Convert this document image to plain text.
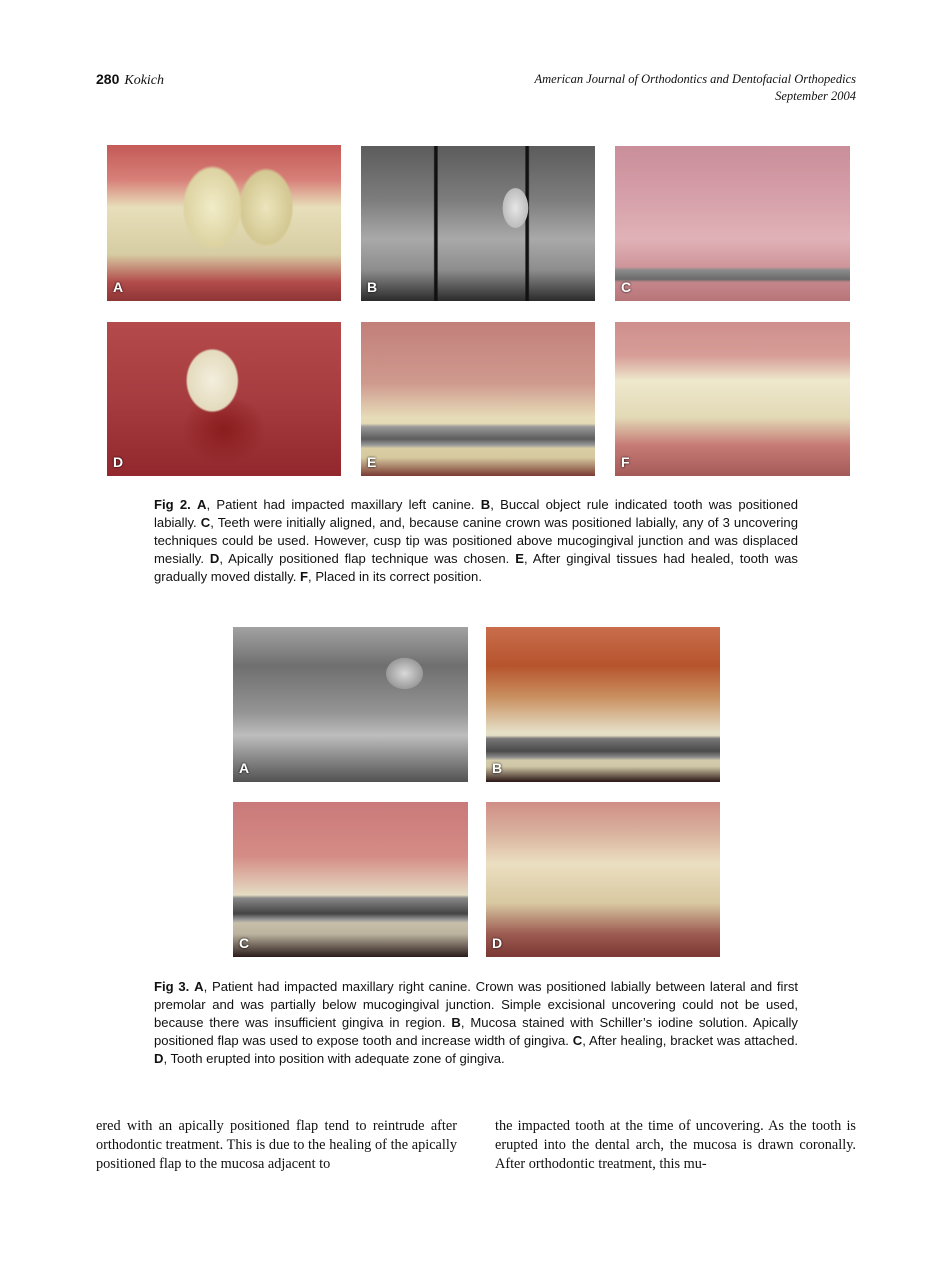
280 Kokich	American Journal of Orthodontics and Dentofacial Orthopedics
September 2004
A	B	C
D	E	F
Fig 2. A, Patient had impacted maxillary left canine. B, Buccal object rule indicated tooth was positioned labially. C, Teeth were initially aligned, and, because canine crown was positioned labially, any of 3 uncovering techniques could be used. However, cusp tip was positioned above mucogingival junction and was displaced mesially. D, Apically positioned flap technique was chosen. E, After gingival tissues had healed, tooth was gradually moved distally. F, Placed in its correct position.
A	B
C	D
Fig 3. A, Patient had impacted maxillary right canine. Crown was positioned labially between lateral and first premolar and was partially below mucogingival junction. Simple excisional uncovering could not be used, because there was insufficient gingiva in region. B, Mucosa stained with Schiller’s iodine solution. Apically positioned flap was used to expose tooth and increase width of gingiva. C, After healing, bracket was attached. D, Tooth erupted into position with adequate zone of gingiva.
ered with an apically positioned flap tend to reintrude after orthodontic treatment. This is due to the healing of the apically positioned flap to the mucosa adjacent to
the impacted tooth at the time of uncovering. As the tooth is erupted into the dental arch, the mucosa is drawn coronally. After orthodontic treatment, this mu-
